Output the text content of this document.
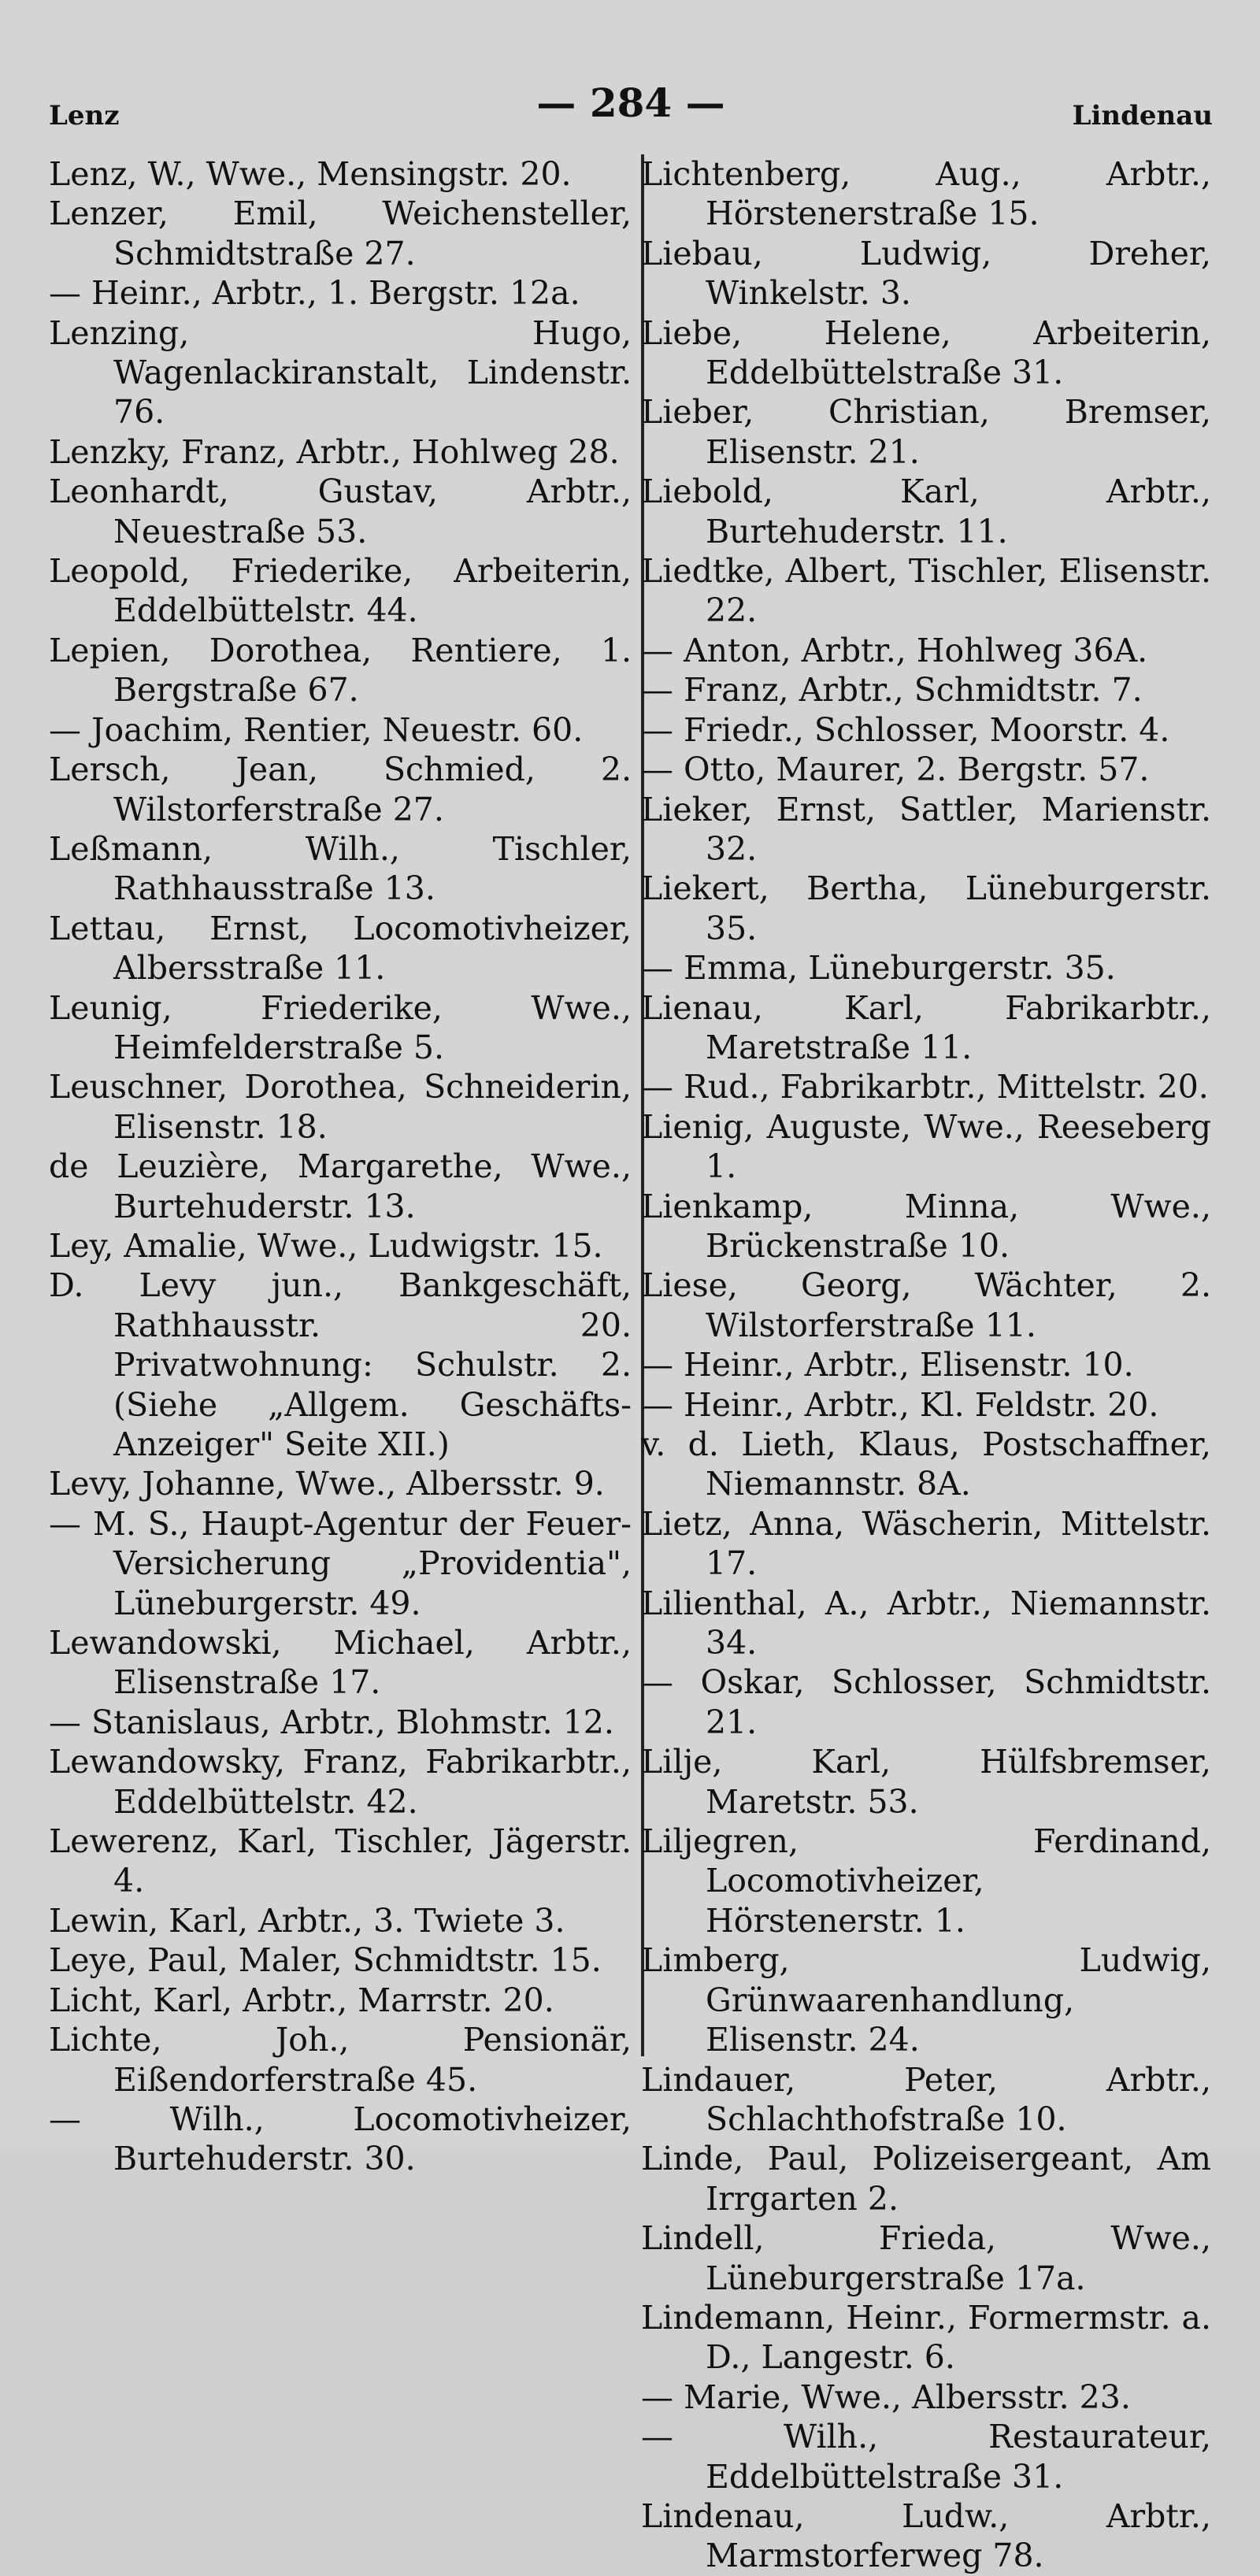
Lenz	— 284 —	Lindenau
Lenz, W., Wwe., Mensingstr. 20.
Lenzer, Emil, Weichensteller, Schmidtstraße 27.
— Heinr., Arbtr., 1. Bergstr. 12a.
Lenzing, Hugo, Wagenlackiranstalt, Lindenstr. 76.
Lenzky, Franz, Arbtr., Hohlweg 28.
Leonhardt, Gustav, Arbtr., Neuestraße 53.
Leopold, Friederike, Arbeiterin, Eddelbüttelstr. 44.
Lepien, Dorothea, Rentiere, 1. Bergstraße 67.
— Joachim, Rentier, Neuestr. 60.
Lersch, Jean, Schmied, 2. Wilstorferstraße 27.
Leßmann, Wilh., Tischler, Rathhausstraße 13.
Lettau, Ernst, Locomotivheizer, Albersstraße 11.
Leunig, Friederike, Wwe., Heimfelderstraße 5.
Leuschner, Dorothea, Schneiderin, Elisenstr. 18.
de Leuzière, Margarethe, Wwe., Burtehuderstr. 13.
Ley, Amalie, Wwe., Ludwigstr. 15.
D. Levy jun., Bankgeschäft, Rathhausstr. 20. Privatwohnung: Schulstr. 2. (Siehe „Allgem. Geschäfts-Anzeiger" Seite XII.)
Levy, Johanne, Wwe., Albersstr. 9.
— M. S., Haupt-Agentur der Feuer-Versicherung „Providentia", Lüneburgerstr. 49.
Lewandowski, Michael, Arbtr., Elisenstraße 17.
— Stanislaus, Arbtr., Blohmstr. 12.
Lewandowsky, Franz, Fabrikarbtr., Eddelbüttelstr. 42.
Lewerenz, Karl, Tischler, Jägerstr. 4.
Lewin, Karl, Arbtr., 3. Twiete 3.
Leye, Paul, Maler, Schmidtstr. 15.
Licht, Karl, Arbtr., Marrstr. 20.
Lichte, Joh., Pensionär, Eißendorferstraße 45.
— Wilh., Locomotivheizer, Burtehuderstr. 30.
Lichtenberg, Aug., Arbtr., Hörstenerstraße 15.
Liebau, Ludwig, Dreher, Winkelstr. 3.
Liebe, Helene, Arbeiterin, Eddelbüttelstraße 31.
Lieber, Christian, Bremser, Elisenstr. 21.
Liebold, Karl, Arbtr., Burtehuderstr. 11.
Liedtke, Albert, Tischler, Elisenstr. 22.
— Anton, Arbtr., Hohlweg 36A.
— Franz, Arbtr., Schmidtstr. 7.
— Friedr., Schlosser, Moorstr. 4.
— Otto, Maurer, 2. Bergstr. 57.
Lieker, Ernst, Sattler, Marienstr. 32.
Liekert, Bertha, Lüneburgerstr. 35.
— Emma, Lüneburgerstr. 35.
Lienau, Karl, Fabrikarbtr., Maretstraße 11.
— Rud., Fabrikarbtr., Mittelstr. 20.
Lienig, Auguste, Wwe., Reeseberg 1.
Lienkamp, Minna, Wwe., Brückenstraße 10.
Liese, Georg, Wächter, 2. Wilstorferstraße 11.
— Heinr., Arbtr., Elisenstr. 10.
— Heinr., Arbtr., Kl. Feldstr. 20.
v. d. Lieth, Klaus, Postschaffner, Niemannstr. 8A.
Lietz, Anna, Wäscherin, Mittelstr. 17.
Lilienthal, A., Arbtr., Niemannstr. 34.
— Oskar, Schlosser, Schmidtstr. 21.
Lilje, Karl, Hülfsbremser, Maretstr. 53.
Liljegren, Ferdinand, Locomotivheizer, Hörstenerstr. 1.
Limberg, Ludwig, Grünwaarenhandlung, Elisenstr. 24.
Lindauer, Peter, Arbtr., Schlachthofstraße 10.
Linde, Paul, Polizeisergeant, Am Irrgarten 2.
Lindell, Frieda, Wwe., Lüneburgerstraße 17a.
Lindemann, Heinr., Formermstr. a. D., Langestr. 6.
— Marie, Wwe., Albersstr. 23.
— Wilh., Restaurateur, Eddelbüttelstraße 31.
Lindenau, Ludw., Arbtr., Marmstorferweg 78.
